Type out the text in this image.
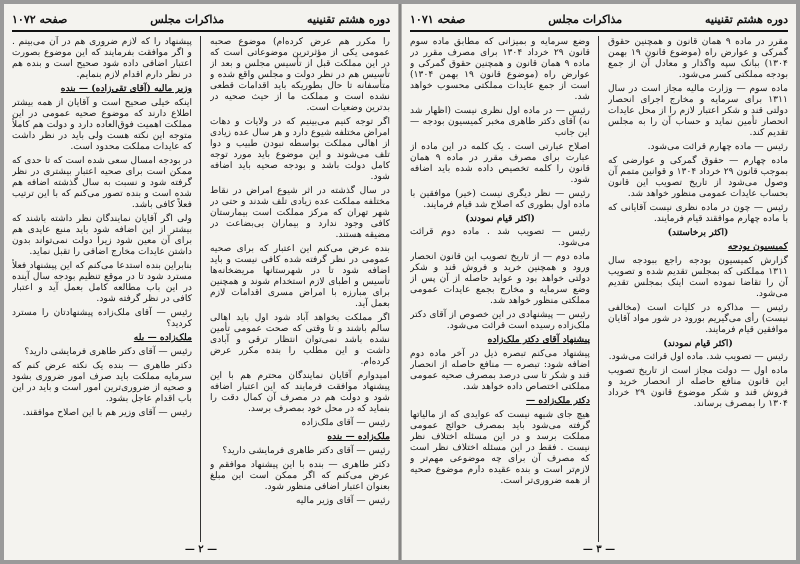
دوره هشتم تقنینیه
مذاکرات مجلس
صفحه ۱۰۷۲

را مکرر هم عرض کرده‌ام) موضوع صحبه عمومی یکی از مؤثرترین موضوعاتی است که در این مملکت قبل از تأسیس مجلس و بعد از تأسیس هم در نظر دولت و مجلس واقع شده و متأسفانه تا حال بطوریکه باید اقدامات قطعی نشده است و مملکت ما از حیث صحیه در بدترین وضعیات است.

اگر توجه کنیم می‌بینیم که در ولایات و دهات امراض مختلفه شیوع دارد و هر سال عده زیادی از اهالی مملکت بواسطه نبودن طبیب و دوا تلف می‌شوند و این موضوع باید مورد توجه کامل دولت باشد و بودجه صحیه باید اضافه شود.

در سال گذشته در اثر شیوع امراض در نقاط مختلفه مملکت عده زیادی تلف شدند و حتی در شهر تهران که مرکز مملکت است بیمارستان کافی وجود ندارد و بیماران بی‌بضاعت در مضیقه هستند.

بنده عرض می‌کنم این اعتبار که برای صحیه عمومی در نظر گرفته شده کافی نیست و باید اضافه شود تا در شهرستانها مریضخانه‌ها تأسیس و اطبای لازم استخدام شوند و همچنین برای مبارزه با امراض مسری اقدامات لازم بعمل آید.

اگر مملکت بخواهد آباد شود اول باید اهالی سالم باشند و تا وقتی که صحت عمومی تأمین نشده باشد نمی‌توان انتظار ترقی و آبادی داشت و این مطلب را بنده مکرر عرض کرده‌ام.

امیدوارم آقایان نمایندگان محترم هم با این پیشنهاد موافقت فرمایند که این اعتبار اضافه شود و دولت هم در مصرف آن کمال دقت را بنماید که در محل خود بمصرف برسد.

رئیس — آقای ملک‌زاده

ملک‌زاده — بنده

رئیس — آقای دکتر طاهری فرمایشی دارید؟

دکتر طاهری — بنده با این پیشنهاد موافقم و عرض می‌کنم که اگر ممکن است این مبلغ بعنوان اعتبار اضافی منظور شود.

رئیس — آقای وزیر مالیه

پیشنهاد را که لازم ضروری هم در آن می‌بینم . و اگر موافقت بفرمایند که این موضوع بصورت اعتبار اضافی داده شود صحیح است و بنده هم در نظر دارم اقدام لازم بنمایم.

وزیر مالیه (آقای تقی‌زاده) — بنده

اینکه خیلی صحیح است و آقایان از همه بیشتر اطلاع دارند که موضوع صحیه عمومی در این مملکت اهمیت فوق‌العاده دارد و دولت هم کاملاً متوجه این نکته هست ولی باید در نظر داشت که عایدات مملکت محدود است.

در بودجه امسال سعی شده است که تا حدی که ممکن است برای صحیه اعتبار بیشتری در نظر گرفته شود و نسبت به سال گذشته اضافه هم شده است و بنده تصور می‌کنم که با این ترتیب فعلاً کافی باشد.

ولی اگر آقایان نمایندگان نظر داشته باشند که بیشتر از این اضافه شود باید منبع عایدی هم برای آن معین شود زیرا دولت نمی‌تواند بدون داشتن عایدات مخارج اضافی را تقبل نماید.

بنابراین بنده استدعا می‌کنم که این پیشنهاد فعلاً مسترد شود تا در موقع تنظیم بودجه سال آینده در این باب مطالعه کامل بعمل آید و اعتبار کافی در نظر گرفته شود.

رئیس — آقای ملک‌زاده پیشنهادتان را مسترد کردید؟

ملک‌زاده — بله

رئیس — آقای دکتر طاهری فرمایشی دارید؟

دکتر طاهری — بنده یک نکته عرض کنم که سرمایه مملکت باید صرف امور ضروری بشود و صحیه از ضروری‌ترین امور است و باید در این باب اقدام عاجل بشود.

رئیس — آقای وزیر هم با این اصلاح موافقند.

— ۲ —
دوره هشتم تقنینیه
مذاکرات مجلس
صفحه ۱۰۷۱

مقرر در ماده ۹ همان قانون و همچنین حقوق گمرکی و عوارض راه (موضوع قانون ۱۹ بهمن ۱۳۰۴) ببانک سپه واگذار و معادل آن از جمع بودجه مملکتی کسر می‌شود.

ماده سوم — وزارت مالیه مجاز است در سال ۱۳۱۱ برای سرمایه و مخارج اجرای انحصار دولتی قند و شکر اعتبار لازم را از محل عایدات انحصار تأمین نماید و حساب آن را به مجلس تقدیم کند.

رئیس — ماده چهارم قرائت می‌شود.

ماده چهارم — حقوق گمرکی و عوارضی که بموجب قانون ۲۹ خرداد ۱۳۰۴ و قوانین متمم آن وصول می‌شود از تاریخ تصویب این قانون بحساب عایدات عمومی منظور خواهد شد.

رئیس — چون در ماده نظری نیست آقایانی که با ماده چهارم موافقند قیام فرمایند.

(اکثر برخاستند)

کمیسیون بودجه

گزارش کمیسیون بودجه راجع ببودجه سال ۱۳۱۱ مملکتی که بمجلس تقدیم شده و تصویب آن را تقاضا نموده است اینک بمجلس تقدیم می‌شود.

رئیس — مذاکره در کلیات است (مخالفی نیست) رأی می‌گیریم بورود در شور مواد آقایان موافقین قیام فرمایند.

(اکثر قیام نمودند)

رئیس — تصویب شد. ماده اول قرائت می‌شود.

ماده اول — دولت مجاز است از تاریخ تصویب این قانون منافع حاصله از انحصار خرید و فروش قند و شکر موضوع قانون ۲۹ خرداد ۱۳۰۴ را بمصرف برساند.

وضع سرمایه و بمیزانی که مطابق ماده سوم قانون ۲۹ خرداد ۱۳۰۴ برای مصرف مقرر در ماده ۹ همان قانون و همچنین حقوق گمرکی و عوارض راه (موضوع قانون ۱۹ بهمن ۱۳۰۴) است از جمع عایدات مملکتی محسوب خواهد شد.

رئیس — در ماده اول نظری نیست (اظهار شد نه) آقای دکتر طاهری مخبر کمیسیون بودجه — این جانب

اصلاح عبارتی است . یک کلمه در این ماده از عبارت برای مصرف مقرر در ماده ۹ همان قانون را کلمه تخصیص داده شده باید اضافه شود.

رئیس — نظر دیگری نیست (خیر) موافقین با ماده اول بطوری که اصلاح شد قیام فرمایند.

(اکثر قیام نمودند)

رئیس — تصویب شد . ماده دوم قرائت می‌شود.

ماده دوم — از تاریخ تصویب این قانون انحصار ورود و همچنین خرید و فروش قند و شکر دولتی خواهد بود و عواید حاصله از آن پس از وضع سرمایه و مخارج بجمع عایدات عمومی مملکتی منظور خواهد شد.

رئیس — پیشنهادی در این خصوص از آقای دکتر ملک‌زاده رسیده است قرائت می‌شود.

پیشنهاد آقای دکتر ملک‌زاده

پیشنهاد می‌کنم تبصره ذیل در آخر ماده دوم اضافه شود: تبصره — منافع حاصله از انحصار قند و شکر تا سی درصد بمصرف صحیه عمومی مملکتی اختصاص داده خواهد شد.

دکتر ملک‌زاده —

هیچ جای شبهه نیست که عوایدی که از مالیاتها گرفته می‌شود باید بمصرف حوائج عمومی مملکت برسد و در این مسئله اختلاف نظر نیست . فقط در این مسئله اختلاف نظر است که مصرف آن برای چه موضوعی مهم‌تر و لازم‌تر است و بنده عقیده دارم موضوع صحیه از همه ضروری‌تر است.

— ۳ —
